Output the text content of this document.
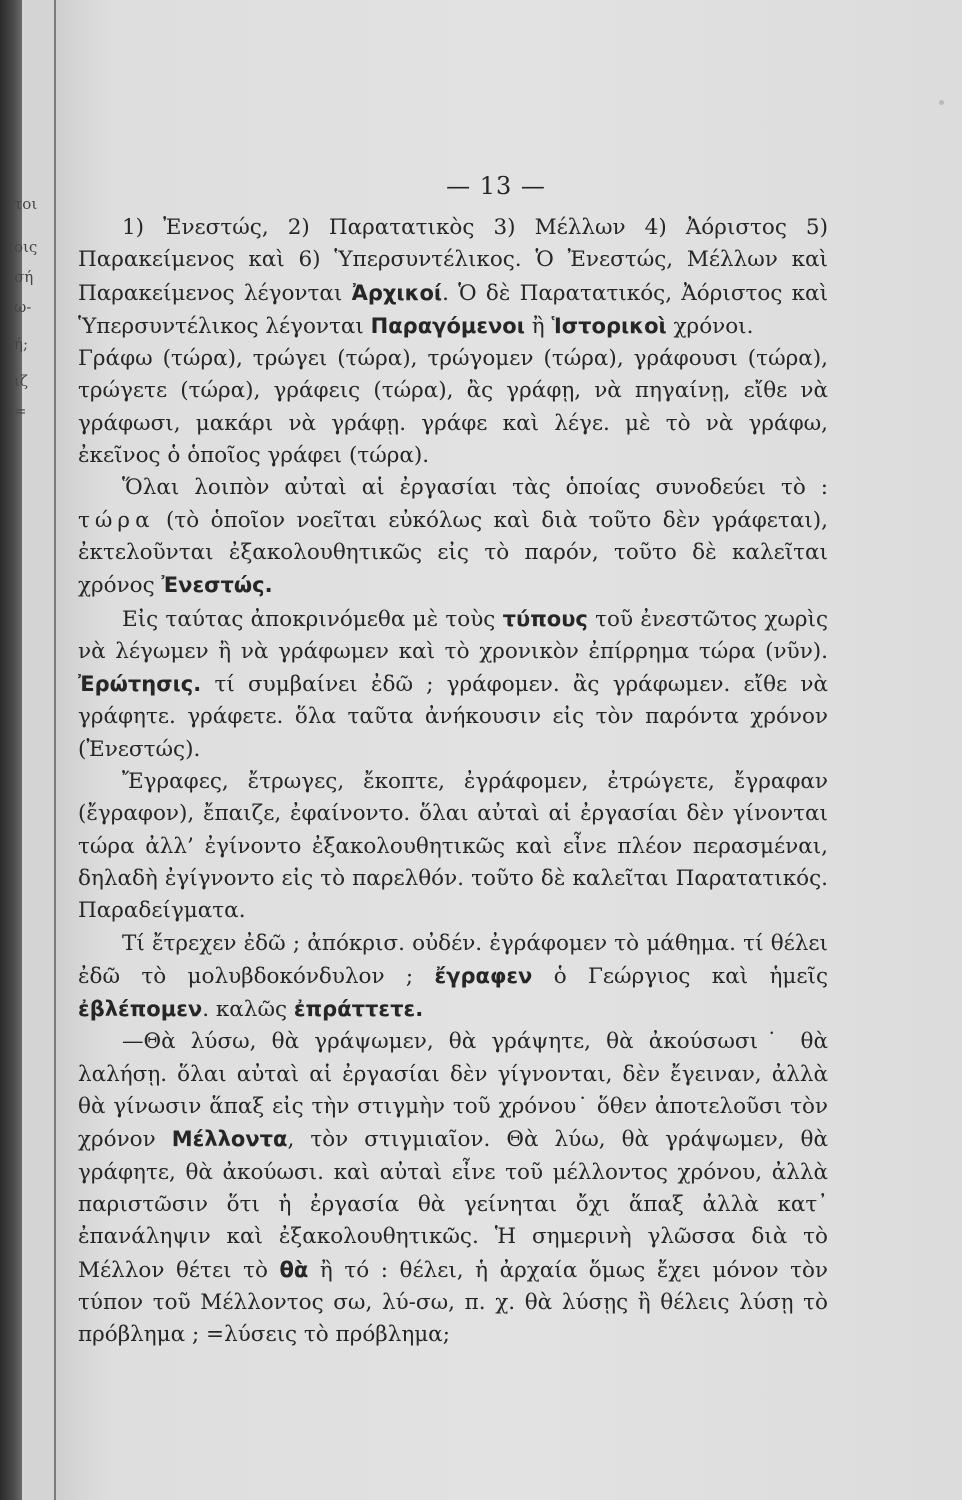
τοι
οις
σή
ω-
ή;
ιζ
=
— 13 —

1) Ἐνεστώς, 2) Παρατατικὸς 3) Μέλλων 4) Ἀόριστος 5) Παρακείμενος καὶ 6) Ὑπερσυντέλικος. Ὁ Ἐνεστώς, Μέλλων καὶ Παρακείμενος λέγονται Ἀρχικοί. Ὁ δὲ Παρατατικός, Ἀόριστος καὶ Ὑπερσυντέλικος λέγονται Παραγόμενοι ἢ Ἱστορικοὶ χρόνοι.

Γράφω (τώρα), τρώγει (τώρα), τρώγομεν (τώρα), γράφουσι (τώρα), τρώγετε (τώρα), γράφεις (τώρα), ἂς γράφῃ, νὰ πηγαίνῃ, εἴθε νὰ γράφωσι, μακάρι νὰ γράφῃ. γράφε καὶ λέγε. μὲ τὸ νὰ γράφω, ἐκεῖνος ὁ ὁποῖος γράφει (τώρα).

Ὅλαι λοιπὸν αὐταὶ αἱ ἐργασίαι τὰς ὁποίας συνοδεύει τὸ : τώρα (τὸ ὁποῖον νοεῖται εὐκόλως καὶ διὰ τοῦτο δὲν γράφεται), ἐκτελοῦνται ἐξακολουθητικῶς εἰς τὸ παρόν, τοῦτο δὲ καλεῖται χρόνος Ἐνεστώς.

Εἰς ταύτας ἀποκρινόμεθα μὲ τοὺς τύπους τοῦ ἐνεστῶτος χωρὶς νὰ λέγωμεν ἢ νὰ γράφωμεν καὶ τὸ χρονικὸν ἐπίρρημα τώρα (νῦν). Ἐρώτησις. τί συμβαίνει ἐδῶ ; γράφομεν. ἂς γράφωμεν. εἴθε νὰ γράφητε. γράφετε. ὅλα ταῦτα ἀνήκουσιν εἰς τὸν παρόντα χρόνον (Ἐνεστώς).

Ἔγραφες, ἔτρωγες, ἔκοπτε, ἐγράφομεν, ἐτρώγετε, ἔγραφαν (ἔγραφον), ἔπαιζε, ἐφαίνοντο. ὅλαι αὐταὶ αἱ ἐργασίαι δὲν γίνονται τώρα ἀλλ’ ἐγίνοντο ἐξακολουθητικῶς καὶ εἶνε πλέον περασμέναι, δηλαδὴ ἐγίγνοντο εἰς τὸ παρελθόν. τοῦτο δὲ καλεῖται Παρατατικός. Παραδείγματα.

Τί ἔτρεχεν ἐδῶ ; ἀπόκρισ. οὐδέν. ἐγράφομεν τὸ μάθημα. τί θέλει ἐδῶ τὸ μολυβδοκόνδυλον ; ἔγραφεν ὁ Γεώργιος καὶ ἡμεῖς ἐβλέπομεν. καλῶς ἐπράττετε.

—Θὰ λύσω, θὰ γράψωμεν, θὰ γράψητε, θὰ ἀκούσωσι˙ θὰ λαλήσῃ. ὅλαι αὐταὶ αἱ ἐργασίαι δὲν γίγνονται, δὲν ἔγειναν, ἀλλὰ θὰ γίνωσιν ἅπαξ εἰς τὴν στιγμὴν τοῦ χρόνου˙ ὅθεν ἀποτελοῦσι τὸν χρόνον Μέλλοντα, τὸν στιγμιαῖον. Θὰ λύω, θὰ γράψωμεν, θὰ γράφητε, θὰ ἀκούωσι. καὶ αὐταὶ εἶνε τοῦ μέλλοντος χρόνου, ἀλλὰ παριστῶσιν ὅτι ἡ ἐργασία θὰ γείνηται ὄχι ἅπαξ ἀλλὰ κατ᾽ ἐπανάληψιν καὶ ἐξακολουθητικῶς. Ἡ σημερινὴ γλῶσσα διὰ τὸ Μέλλον θέτει τὸ θὰ ἢ τό : θέλει, ἡ ἀρχαία ὅμως ἔχει μόνον τὸν τύπον τοῦ Μέλλοντος σω, λύ-σω, π. χ. θὰ λύσῃς ἢ θέλεις λύσῃ τὸ πρόβλημα ; =λύσεις τὸ πρόβλημα;
